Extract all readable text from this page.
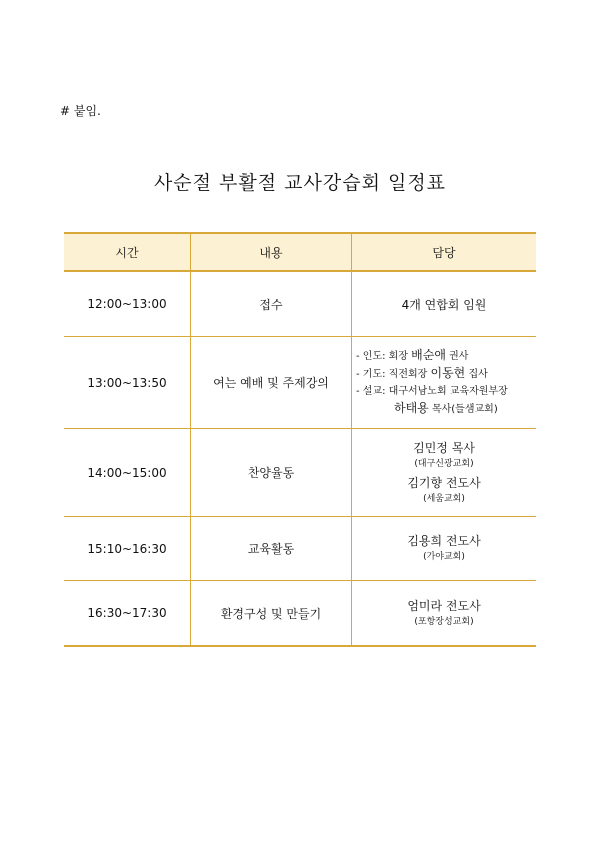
# 붙임.
사순절 부활절 교사강습회 일정표
시간	내용	담당
12:00~13:00	접수	4개 연합회 임원
13:00~13:50	여는 예배 및 주제강의	- 인도: 회장 배순애 권사
- 기도: 직전회장 이동현 집사
- 설교: 대구서남노회 교육자원부장
하태용 목사(들샘교회)

14:00~15:00	찬양율동	김민정 목사
(대구신광교회)
김기향 전도사
(세움교회)

15:10~16:30	교육활동	김용희 전도사
(가야교회)

16:30~17:30	환경구성 및 만들기	엄미라 전도사
(포항장성교회)
